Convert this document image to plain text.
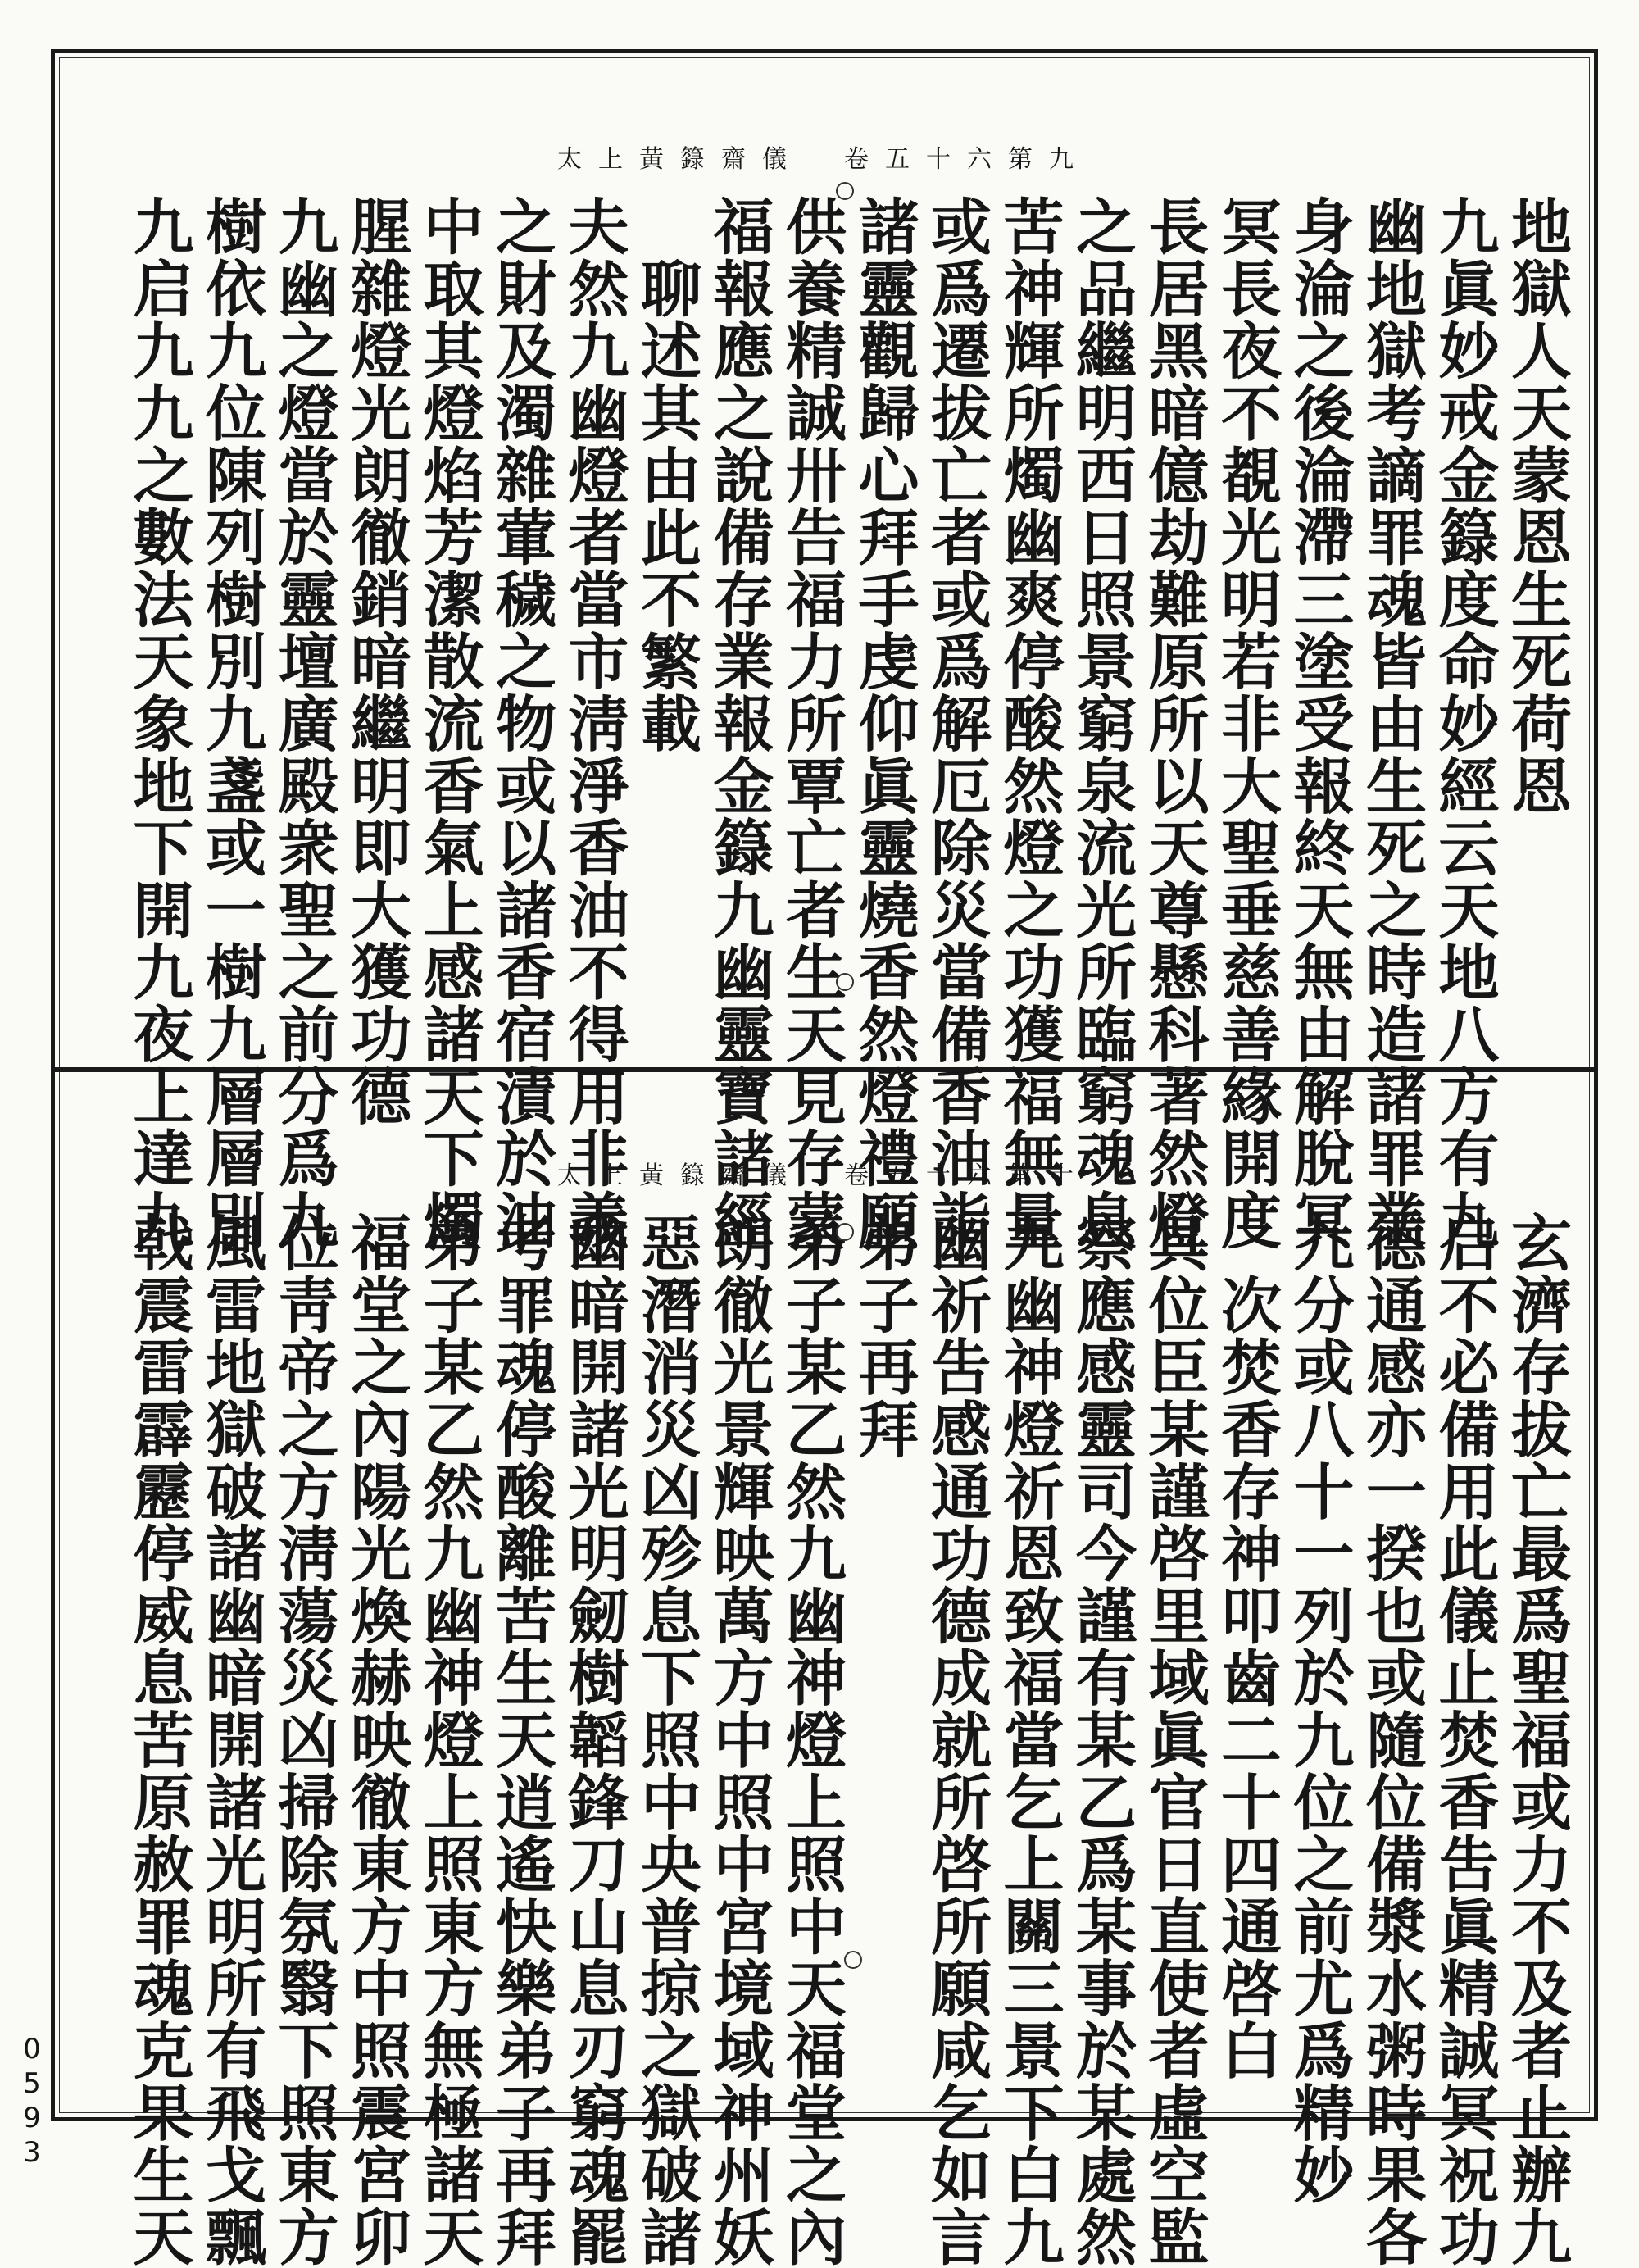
太上黃籙齋儀　卷五十六第九
太上黃籙齋儀　卷五十六第十
地獄人天蒙恩生死荷恩
九眞妙戒金籙度命妙經云天地八方有九
幽地獄考謫罪魂皆由生死之時造諸罪業
身淪之後淪滯三塗受報終天無由解脫冥
冥長夜不覩光明若非大聖垂慈善緣開度
長居黑暗億劫難原所以天尊懸科著然燈
之品繼明西日照景窮泉流光所臨窮魂息
苦神輝所燭幽爽停酸然燈之功獲福無量
或爲遷拔亡者或爲解厄除災當備香油詣
諸靈觀歸心拜手虔仰眞靈燒香然燈禮願
供養精誠卅告福力所覃亡者生天見存蒙
福報應之說備存業報金籙九幽靈寶諸經
聊述其由此不繁載
夫然九幽燈者當市淸淨香油不得用非義
之財及濁雜葷穢之物或以諸香宿漬於油
中取其燈焰芳潔散流香氣上感諸天下燭
腥雜燈光朗徹銷暗繼明即大獲功德
九幽之燈當於靈壇廣殿衆聖之前分爲九
樹依九位陳列樹別九盞或一樹九層層別
九启九九之數法天象地下開九夜上達九
玄濟存拔亡最爲聖福或力不及者止辦九
启不必備用此儀止焚香吿眞精誠冥祝功
德通感亦一揆也或隨位備漿水粥時果各
九分或八十一列於九位之前尤爲精妙
次焚香存神叩齒二十四通啓白
具位臣某謹啓里域眞官日直使者虛空監
察應感靈司今謹有某乙爲某事於某處然
九幽神燈祈恩致福當乞上關三景下白九
幽祈吿感通功德成就所啓所願咸乞如言
弟子再拜
弟子某乙然九幽神燈上照中天福堂之內
朗徹光景輝映萬方中照中宮境域神州妖
惡潛消災凶殄息下照中央普掠之獄破諸
幽暗開諸光明劒樹韜鋒刀山息刃窮魂罷
考罪魂停酸離苦生天逍遙快樂弟子再拜
弟子某乙然九幽神燈上照東方無極諸天
福堂之內陽光煥赫映徹東方中照震宮卯
位靑帝之方淸蕩災凶掃除氛翳下照東方
風雷地獄破諸幽暗開諸光明所有飛戈飄
戟震雷霹靂停威息苦原赦罪魂克果生天
0593
